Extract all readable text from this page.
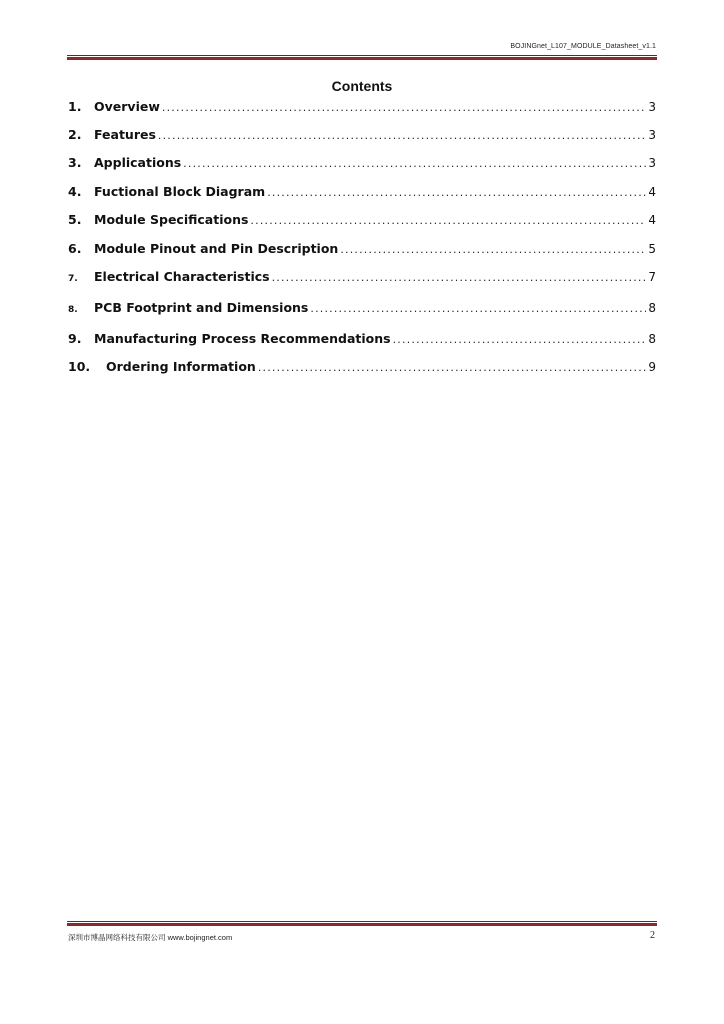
BOJINGnet_L107_MODULE_Datasheet_v1.1
Contents
1.	Overview .....	3
2.	Features .....	3
3.	Applications .....	3
4.	Fuctional Block Diagram .....	4
5.	Module Specifications .....	4
6.	Module Pinout and Pin Description .....	5
7.	Electrical Characteristics .....	7
8.	PCB Footprint and Dimensions .....	8
9.	Manufacturing Process Recommendations .....	8
10.	Ordering Information .....	9
深圳市博晶网络科技有限公司 www.bojingnet.com	2
